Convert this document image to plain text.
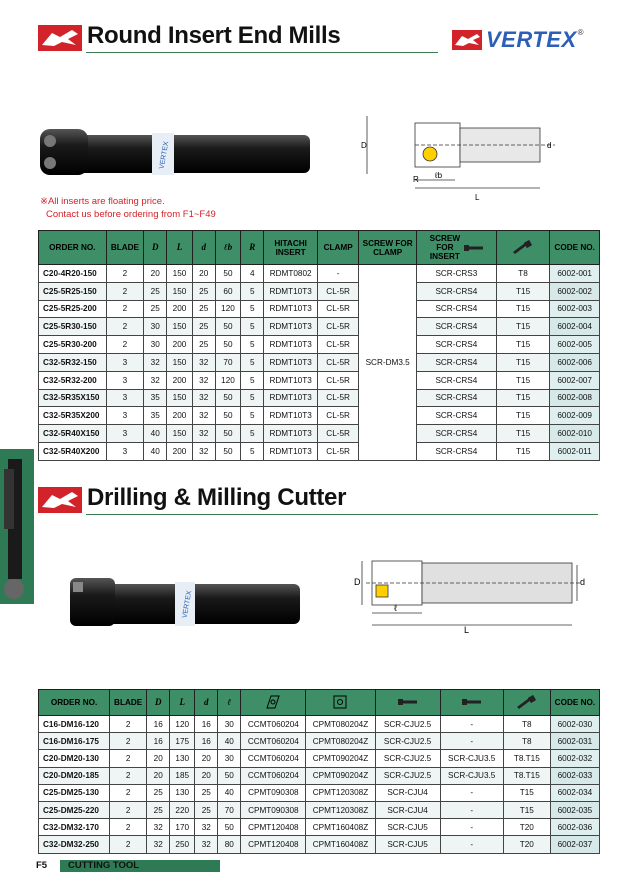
Round Insert End Mills	VERTEX ®
VERTEX	D
R ℓb
L
d
※All inserts are floating price.
Contact us before ordering from F1~F49
ORDER NO.	BLADE	D	L	d	ℓb	R	HITACHI INSERT	CLAMP	SCREW FOR CLAMP	SCREW FOR INSERT		CODE NO.
C20-4R20-150	2	20	150	20	50	4	RDMT0802	-	SCR-DM3.5	SCR-CRS3	T8	6002-001
C25-5R25-150	2	25	150	25	60	5	RDMT10T3	CL-5R		SCR-CRS4	T15	6002-002
C25-5R25-200	2	25	200	25	120	5	RDMT10T3	CL-5R		SCR-CRS4	T15	6002-003
C25-5R30-150	2	30	150	25	50	5	RDMT10T3	CL-5R		SCR-CRS4	T15	6002-004
C25-5R30-200	2	30	200	25	50	5	RDMT10T3	CL-5R		SCR-CRS4	T15	6002-005
C32-5R32-150	3	32	150	32	70	5	RDMT10T3	CL-5R		SCR-CRS4	T15	6002-006
C32-5R32-200	3	32	200	32	120	5	RDMT10T3	CL-5R		SCR-CRS4	T15	6002-007
C32-5R35X150	3	35	150	32	50	5	RDMT10T3	CL-5R		SCR-CRS4	T15	6002-008
C32-5R35X200	3	35	200	32	50	5	RDMT10T3	CL-5R		SCR-CRS4	T15	6002-009
C32-5R40X150	3	40	150	32	50	5	RDMT10T3	CL-5R		SCR-CRS4	T15	6002-010
C32-5R40X200	3	40	200	32	50	5	RDMT10T3	CL-5R		SCR-CRS4	T15	6002-011
Drilling & Milling Cutter
VERTEX
D	d
ℓ
L
ORDER NO.	BLADE	D	L	d	ℓ						CODE NO.
C16-DM16-120	2	16	120	16	30	CCMT060204	CPMT080204Z	SCR-CJU2.5	-	T8	6002-030
C16-DM16-175	2	16	175	16	40	CCMT060204	CPMT080204Z	SCR-CJU2.5	-	T8	6002-031
C20-DM20-130	2	20	130	20	30	CCMT060204	CPMT090204Z	SCR-CJU2.5	SCR-CJU3.5	T8.T15	6002-032
C20-DM20-185	2	20	185	20	50	CCMT060204	CPMT090204Z	SCR-CJU2.5	SCR-CJU3.5	T8.T15	6002-033
C25-DM25-130	2	25	130	25	40	CPMT090308	CPMT120308Z	SCR-CJU4	-	T15	6002-034
C25-DM25-220	2	25	220	25	70	CPMT090308	CPMT120308Z	SCR-CJU4	-	T15	6002-035
C32-DM32-170	2	32	170	32	50	CPMT120408	CPMT160408Z	SCR-CJU5	-	T20	6002-036
C32-DM32-250	2	32	250	32	80	CPMT120408	CPMT160408Z	SCR-CJU5	-	T20	6002-037
F5 CUTTING TOOL
